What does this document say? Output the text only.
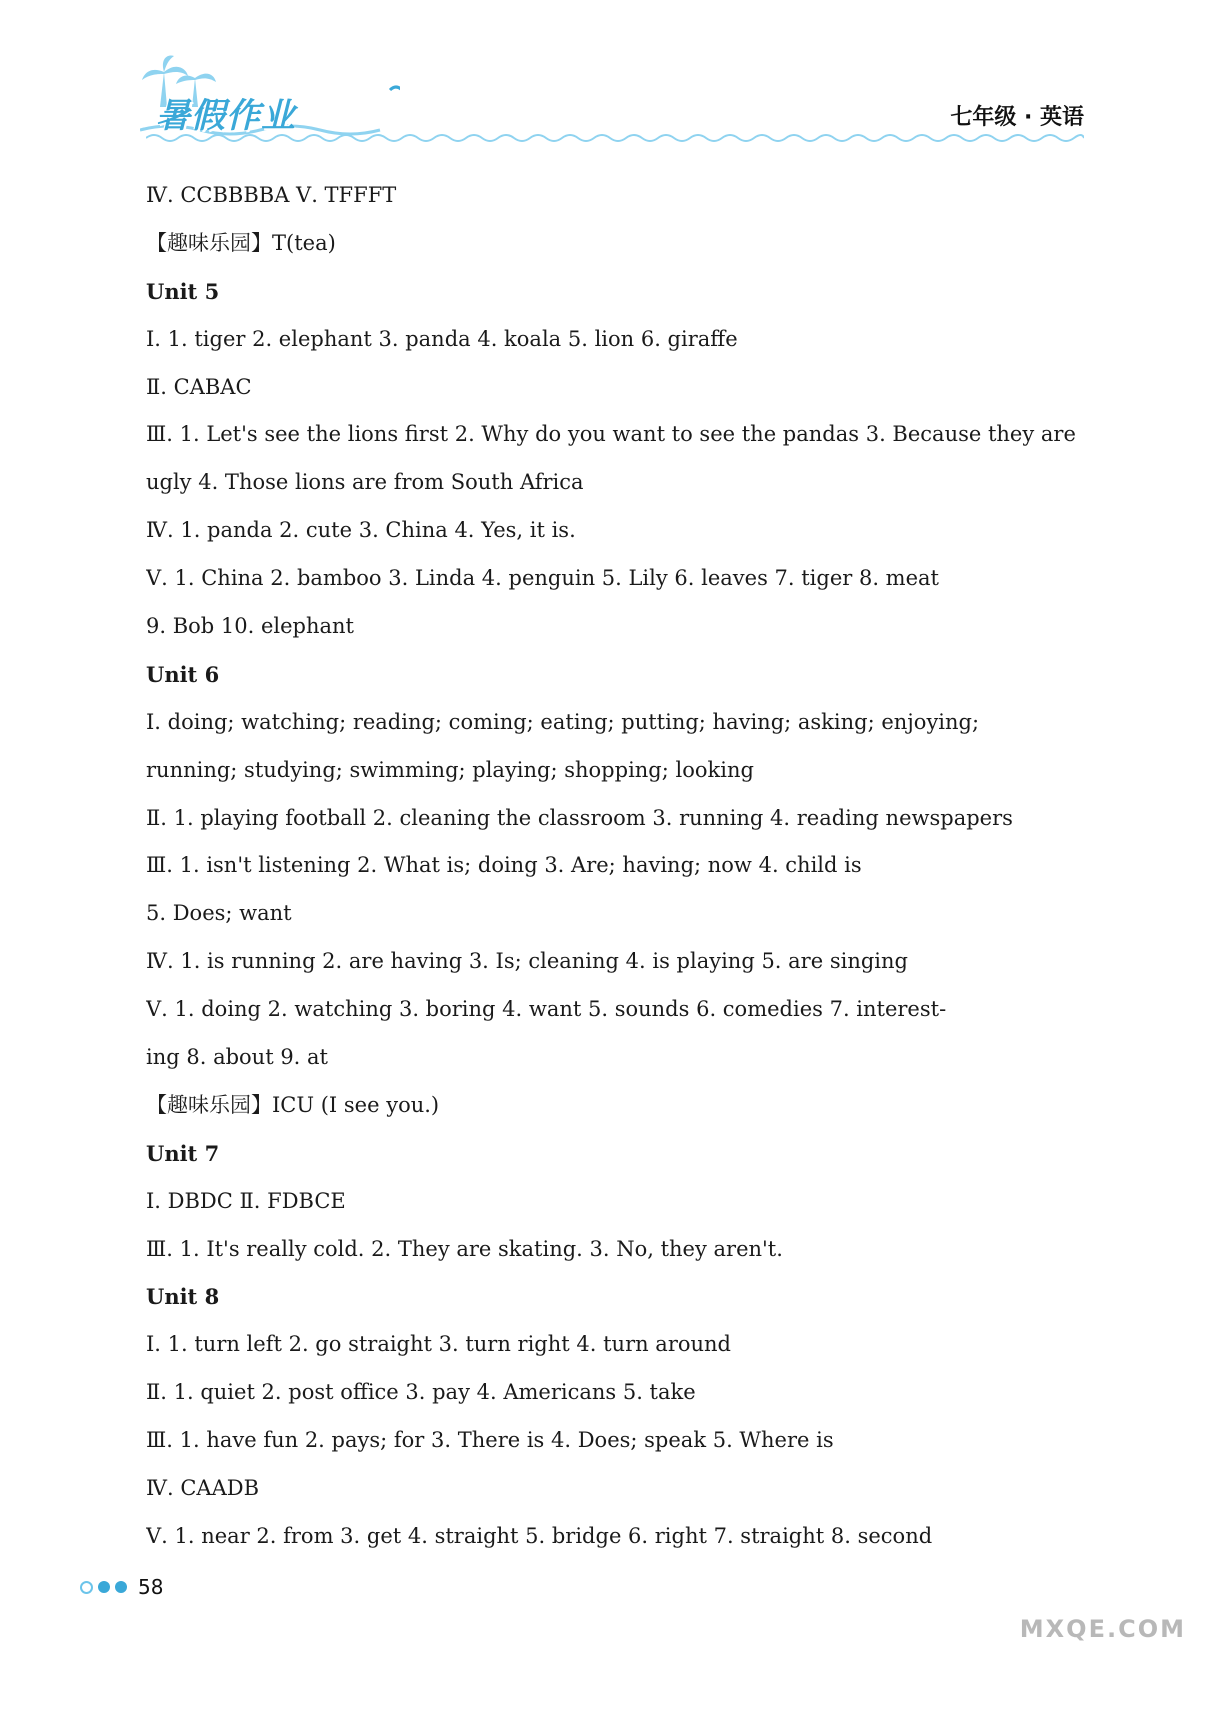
暑假作业	七年级 · 英语
Ⅳ. CCBBBBA Ⅴ. TFFFT
【趣味乐园】T(tea)
Unit 5
Ⅰ. 1. tiger 2. elephant 3. panda 4. koala 5. lion 6. giraffe
Ⅱ. CABAC
Ⅲ. 1. Let's see the lions first 2. Why do you want to see the pandas 3. Because they are
ugly 4. Those lions are from South Africa
Ⅳ. 1. panda 2. cute 3. China 4. Yes, it is.
Ⅴ. 1. China 2. bamboo 3. Linda 4. penguin 5. Lily 6. leaves 7. tiger 8. meat
9. Bob 10. elephant
Unit 6
Ⅰ. doing; watching; reading; coming; eating; putting; having; asking; enjoying;
running; studying; swimming; playing; shopping; looking
Ⅱ. 1. playing football 2. cleaning the classroom 3. running 4. reading newspapers
Ⅲ. 1. isn't listening 2. What is; doing 3. Are; having; now 4. child is
5. Does; want
Ⅳ. 1. is running 2. are having 3. Is; cleaning 4. is playing 5. are singing
Ⅴ. 1. doing 2. watching 3. boring 4. want 5. sounds 6. comedies 7. interest-
ing 8. about 9. at
【趣味乐园】ICU (I see you.)
Unit 7
Ⅰ. DBDC Ⅱ. FDBCE
Ⅲ. 1. It's really cold. 2. They are skating. 3. No, they aren't.
Unit 8
Ⅰ. 1. turn left 2. go straight 3. turn right 4. turn around
Ⅱ. 1. quiet 2. post office 3. pay 4. Americans 5. take
Ⅲ. 1. have fun 2. pays; for 3. There is 4. Does; speak 5. Where is
Ⅳ. CAADB
Ⅴ. 1. near 2. from 3. get 4. straight 5. bridge 6. right 7. straight 8. second
58
MXQE.COM
